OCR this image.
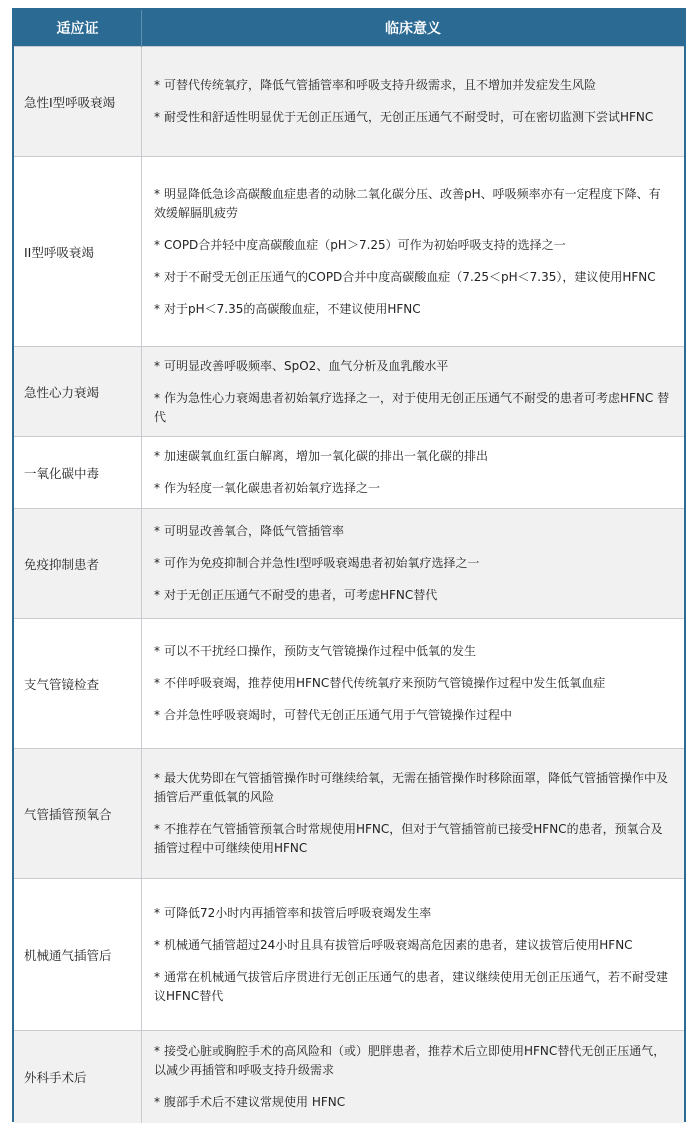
适应证	临床意义
急性I型呼吸衰竭	* 可替代传统氧疗，降低气管插管率和呼吸支持升级需求，且不增加并发症发生风险

* 耐受性和舒适性明显优于无创正压通气，无创正压通气不耐受时，可在密切监测下尝试HFNC

II型呼吸衰竭	* 明显降低急诊高碳酸血症患者的动脉二氧化碳分压、改善pH、呼吸频率亦有一定程度下降、有效缓解膈肌疲劳

* COPD合并轻中度高碳酸血症（pH＞7.25）可作为初始呼吸支持的选择之一

* 对于不耐受无创正压通气的COPD合并中度高碳酸血症（7.25＜pH＜7.35），建议使用HFNC

* 对于pH＜7.35的高碳酸血症，不建议使用HFNC

急性心力衰竭	* 可明显改善呼吸频率、SpO2、血气分析及血乳酸水平

* 作为急性心力衰竭患者初始氧疗选择之一，对于使用无创正压通气不耐受的患者可考虑HFNC 替代

一氧化碳中毒	* 加速碳氧血红蛋白解离，增加一氧化碳的排出一氧化碳的排出

* 作为轻度一氧化碳患者初始氧疗选择之一

免疫抑制患者	* 可明显改善氧合，降低气管插管率

* 可作为免疫抑制合并急性I型呼吸衰竭患者初始氧疗选择之一

* 对于无创正压通气不耐受的患者，可考虑HFNC替代

支气管镜检查	* 可以不干扰经口操作，预防支气管镜操作过程中低氧的发生

* 不伴呼吸衰竭，推荐使用HFNC替代传统氧疗来预防气管镜操作过程中发生低氧血症

* 合并急性呼吸衰竭时，可替代无创正压通气用于气管镜操作过程中

气管插管预氧合	* 最大优势即在气管插管操作时可继续给氧，无需在插管操作时移除面罩，降低气管插管操作中及插管后严重低氧的风险

* 不推荐在气管插管预氧合时常规使用HFNC，但对于气管插管前已接受HFNC的患者，预氧合及插管过程中可继续使用HFNC

机械通气插管后	* 可降低72小时内再插管率和拔管后呼吸衰竭发生率

* 机械通气插管超过24小时且具有拔管后呼吸衰竭高危因素的患者，建议拔管后使用HFNC

* 通常在机械通气拔管后序贯进行无创正压通气的患者，建议继续使用无创正压通气，若不耐受建议HFNC替代

外科手术后	* 接受心脏或胸腔手术的高风险和（或）肥胖患者，推荐术后立即使用HFNC替代无创正压通气，以减少再插管和呼吸支持升级需求

* 腹部手术后不建议常规使用 HFNC
